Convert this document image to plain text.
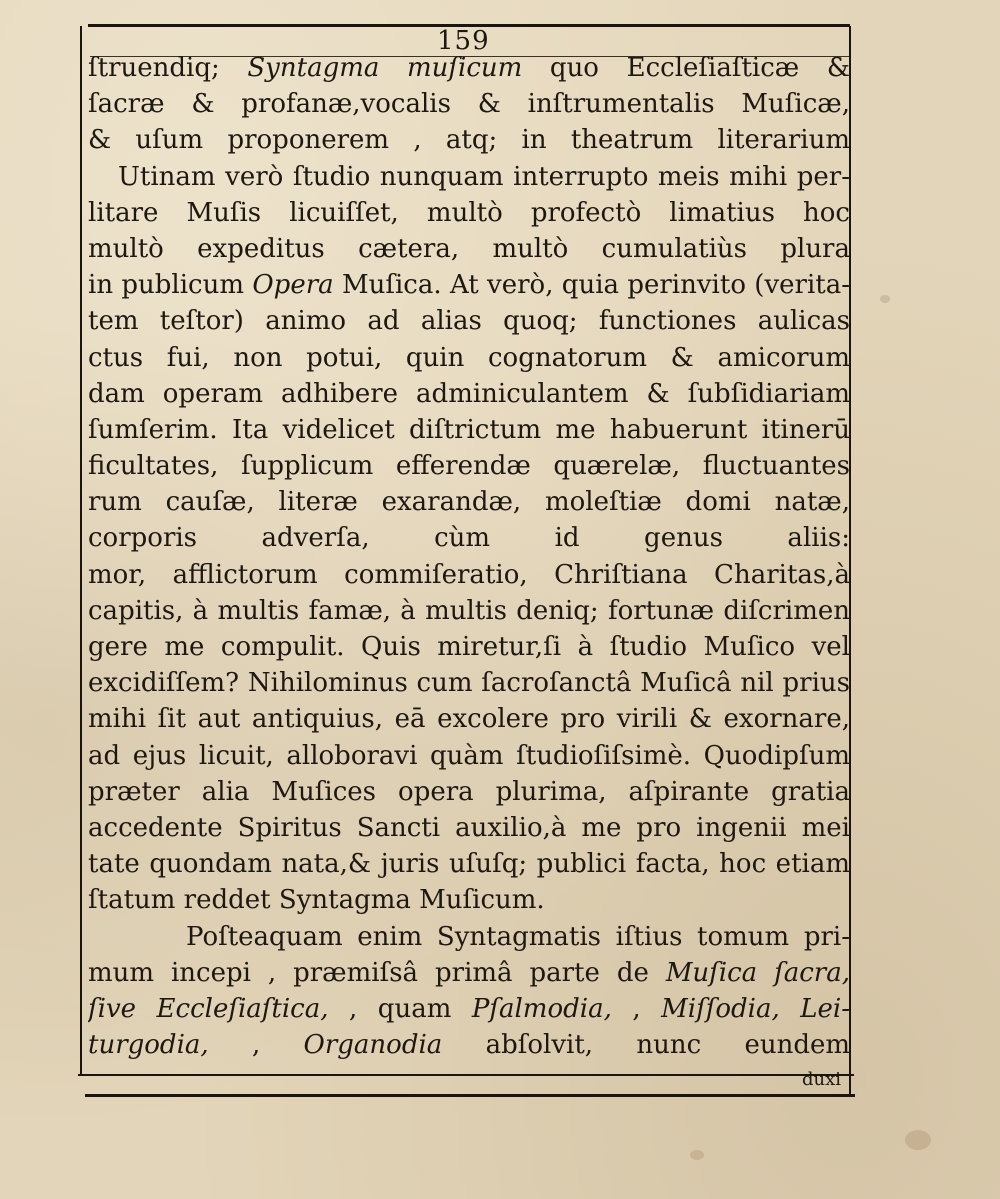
159
ſtruendiq; Syntagma muſicum quo Eccleſiaſticæ &
ſacræ & profanæ,vocalis & inſtrumentalis Muſicæ,
& uſum proponerem , atq; in theatrum literarium
Utinam verò ſtudio nunquam interrupto meis mihi per-
litare Muſis licuiſſet, multò profectò limatius hoc
multò expeditus cætera, multò cumulatiùs plura
in publicum Opera Muſica. At verò, quia perinvito (verita-
tem teſtor) animo ad alias quoq; functiones aulicas
ctus fui, non potui, quin cognatorum & amicorum
dam operam adhibere adminiculantem & ſubſidiariam
ſumſerim. Ita videlicet diſtrictum me habuerunt itinerū
ficultates, ſupplicum efferendæ quærelæ, fluctuantes
rum cauſæ, literæ exarandæ, moleſtiæ domi natæ,
corporis adverſa, cùm id genus aliis:
mor, afflictorum commiſeratio, Chriſtiana Charitas,à
capitis, à multis famæ, à multis deniq; fortunæ diſcrimen
gere me compulit. Quis miretur,ſi à ſtudio Muſico vel
excidiſſem? Nihilominus cum ſacroſanctâ Muſicâ nil prius
mihi ſit aut antiquius, eā excolere pro virili & exornare,
ad ejus licuit, alloboravi quàm ſtudioſiſsimè. Quodipſum
præter alia Muſices opera plurima, aſpirante gratia
accedente Spiritus Sancti auxilio,à me pro ingenii mei
tate quondam nata,& juris uſuſq; publici facta, hoc etiam
ſtatum reddet Syntagma Muſicum.
Poſteaquam enim Syntagmatis iſtius tomum pri-
mum incepi , præmiſsâ primâ parte de Muſica ſacra,
ſive Eccleſiaſtica, , quam Pſalmodia, , Miſſodia, Lei-
turgodia, , Organodia abſolvit, nunc eundem
duxi
